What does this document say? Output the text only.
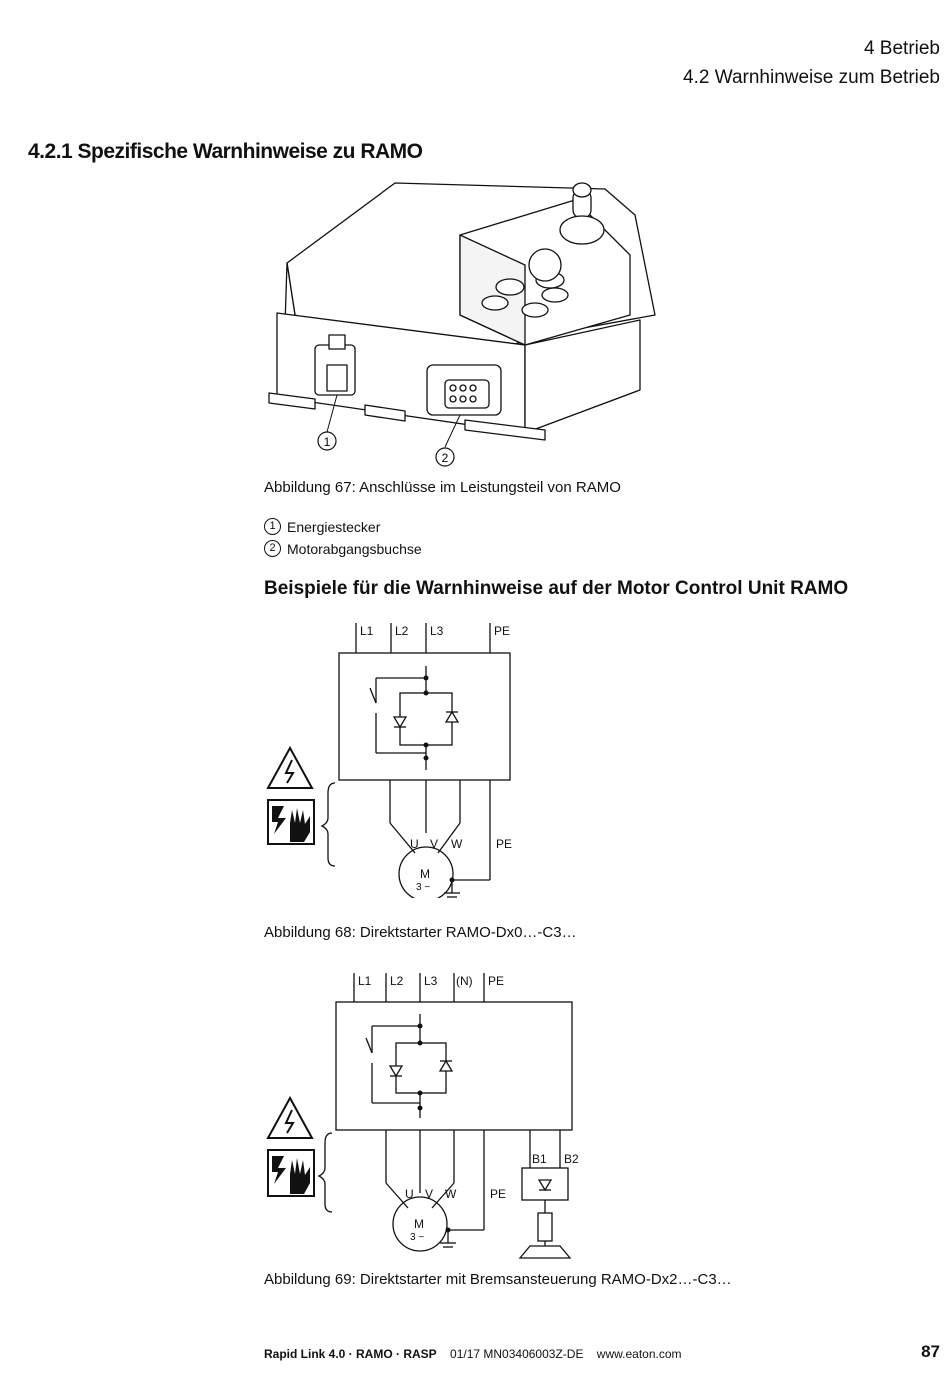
4 Betrieb
4.2 Warnhinweise zum Betrieb
4.2.1 Spezifische Warnhinweise zu RAMO
1
2
Abbildung 67: Anschlüsse im Leistungsteil von RAMO
1 Energiestecker
2 Motorabgangsbuchse
Beispiele für die Warnhinweise auf der Motor Control Unit RAMO
L1 L2 L3	PE
U V W	PE
M
3 ~
Abbildung 68: Direktstarter RAMO-Dx0…-C3…
L1 L2 L3 (N) PE
U V W	PE
B1 B2
M
3 ~
Abbildung 69: Direktstarter mit Bremsansteuerung RAMO-Dx2…-C3…
Rapid Link 4.0 · RAMO · RASP 01/17 MN03406003Z-DE www.eaton.com	87
